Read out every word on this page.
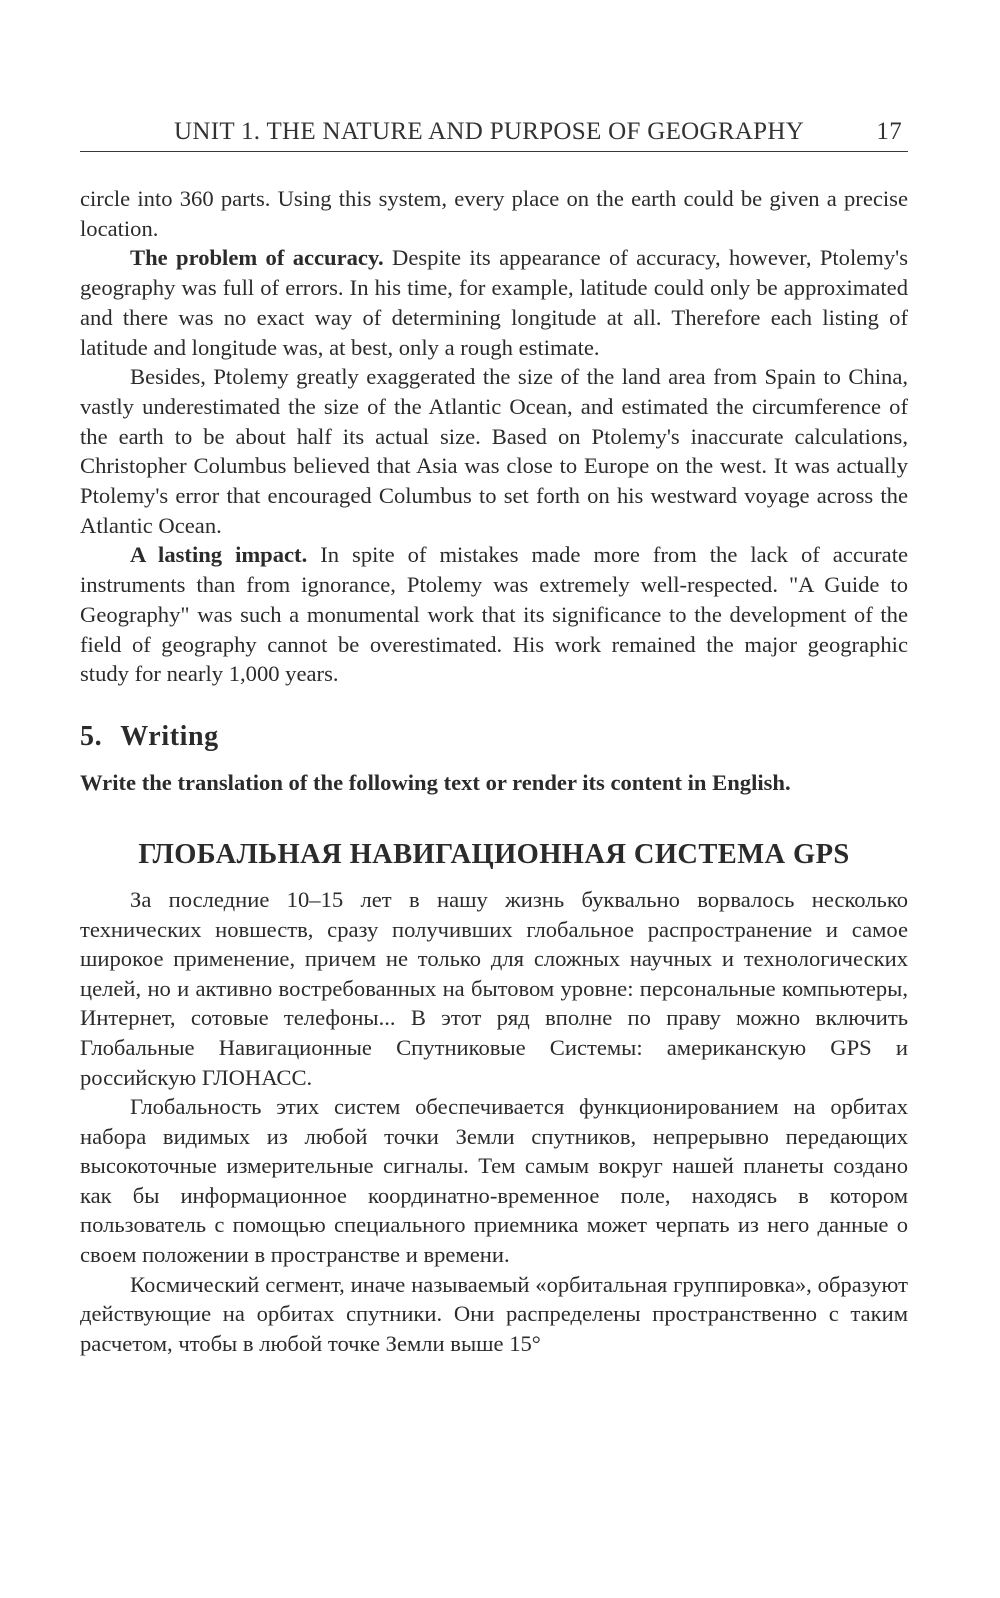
UNIT 1. THE NATURE AND PURPOSE OF GEOGRAPHY	17

circle into 360 parts. Using this system, every place on the earth could be given a precise location.

The problem of accuracy. Despite its appearance of accuracy, however, Ptolemy's geography was full of errors. In his time, for example, latitude could only be approximated and there was no exact way of determining longitude at all. Therefore each listing of latitude and longitude was, at best, only a rough estimate.

Besides, Ptolemy greatly exaggerated the size of the land area from Spain to China, vastly underestimated the size of the Atlantic Ocean, and estimated the circumference of the earth to be about half its actual size. Based on Ptolemy's inaccurate calculations, Christopher Columbus believed that Asia was close to Europe on the west. It was actually Ptolemy's error that encouraged Columbus to set forth on his westward voyage across the Atlantic Ocean.

A lasting impact. In spite of mistakes made more from the lack of accurate instruments than from ignorance, Ptolemy was extremely well-respected. "A Guide to Geography" was such a monumental work that its significance to the development of the field of geography cannot be overestimated. His work remained the major geographic study for nearly 1,000 years.

5. Writing
Write the translation of the following text or render its content in English.
ГЛОБАЛЬНАЯ НАВИГАЦИОННАЯ СИСТЕМА GPS

За последние 10–15 лет в нашу жизнь буквально ворвалось несколько технических новшеств, сразу получивших глобальное распространение и самое широкое применение, причем не только для сложных научных и технологических целей, но и активно востребованных на бытовом уровне: персональные компьютеры, Интернет, сотовые телефоны... В этот ряд вполне по праву можно включить Глобальные Навигационные Спутниковые Системы: американскую GPS и российскую ГЛОНАСС.

Глобальность этих систем обеспечивается функционированием на орбитах набора видимых из любой точки Земли спутников, непрерывно передающих высокоточные измерительные сигналы. Тем самым вокруг нашей планеты создано как бы информационное координатно-временное поле, находясь в котором пользователь с помощью специального приемника может черпать из него данные о своем положении в пространстве и времени.

Космический сегмент, иначе называемый «орбитальная группировка», образуют действующие на орбитах спутники. Они распределены пространственно с таким расчетом, чтобы в любой точке Земли выше 15°
